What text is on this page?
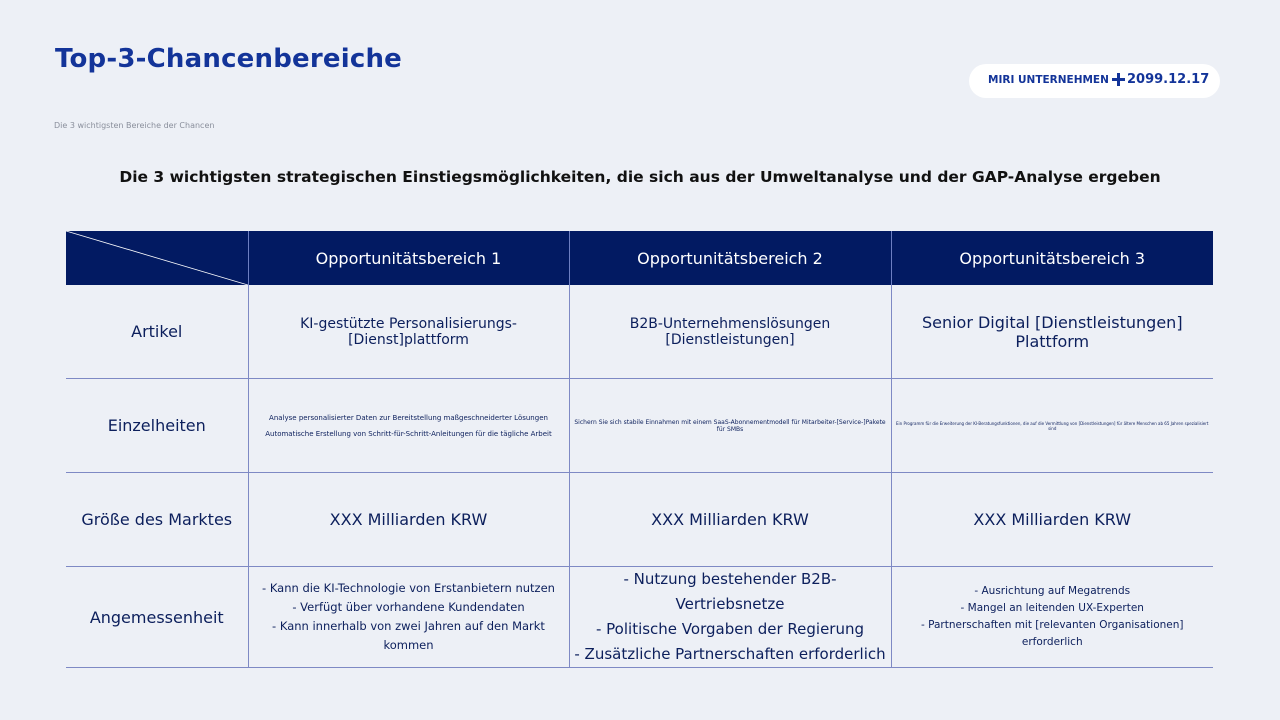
Top-3-Chancenbereiche
Die 3 wichtigsten Bereiche der Chancen
MIRI UNTERNEHMEN 2099.12.17
Die 3 wichtigsten strategischen Einstiegsmöglichkeiten, die sich aus der Umweltanalyse und der GAP-Analyse ergeben
	Opportunitätsbereich 1	Opportunitätsbereich 2	Opportunitätsbereich 3
Artikel	KI-gestützte Personalisierungs-[Dienst]plattform	B2B-Unternehmenslösungen [Dienstleistungen]	Senior Digital [Dienstleistungen] Plattform
Einzelheiten	Analyse personalisierter Daten zur Bereitstellung maßgeschneiderter Lösungen
Automatische Erstellung von Schritt-für-Schritt-Anleitungen für die tägliche Arbeit	Sichern Sie sich stabile Einnahmen mit einem SaaS-Abonnementmodell für Mitarbeiter-[Service-]Pakete für SMBs	Ein Programm für die Erweiterung der KI-Beratungsfunktionen, die auf die Vermittlung von [Dienstleistungen] für ältere Menschen ab 65 Jahren spezialisiert sind
Größe des Marktes	XXX Milliarden KRW	XXX Milliarden KRW	XXX Milliarden KRW
Angemessenheit	- Kann die KI-Technologie von Erstanbietern nutzen
- Verfügt über vorhandene Kundendaten
- Kann innerhalb von zwei Jahren auf den Markt kommen	- Nutzung bestehender B2B-Vertriebsnetze
- Politische Vorgaben der Regierung
- Zusätzliche Partnerschaften erforderlich	- Ausrichtung auf Megatrends
- Mangel an leitenden UX-Experten
- Partnerschaften mit [relevanten Organisationen] erforderlich
